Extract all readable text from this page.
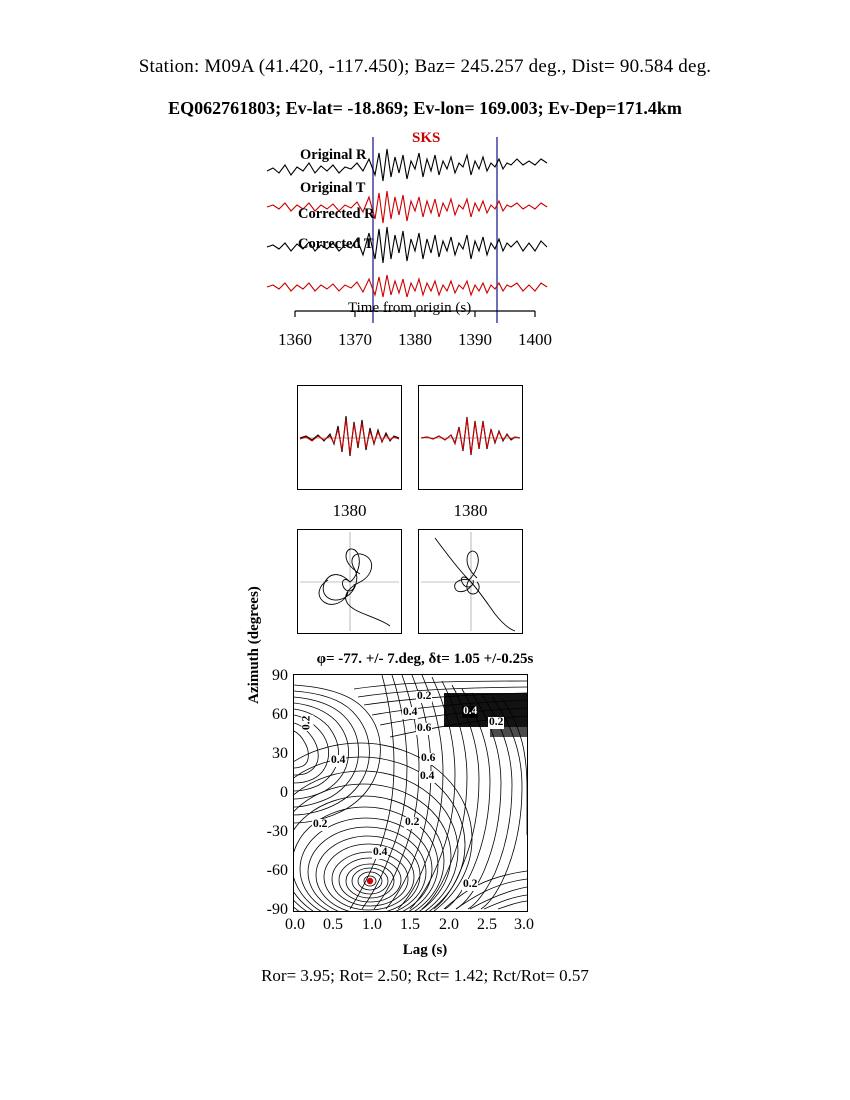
Station: M09A (41.420, -117.450); Baz= 245.257 deg., Dist= 90.584 deg.
EQ062761803; Ev-lat= -18.869; Ev-lon= 169.003; Ev-Dep=171.4km
Original R
Original T
Corrected R
Corrected T
SKS
Time from origin (s)
1360 1370 1380 1390 1400
1380	1380
φ= -77. +/- 7.deg, δt= 1.05 +/-0.25s
Azimuth (degrees) 90
60
30
0
-30
-60
-90
0.2
0.4
0.6
0.4
0.2
0.4	0.6
0.4
0.2	0.2
0.4
0.2
0.2
0.0 0.5 1.0 1.5 2.0 2.5 3.0
Lag (s)
Ror= 3.95; Rot= 2.50; Rct= 1.42; Rct/Rot= 0.57
